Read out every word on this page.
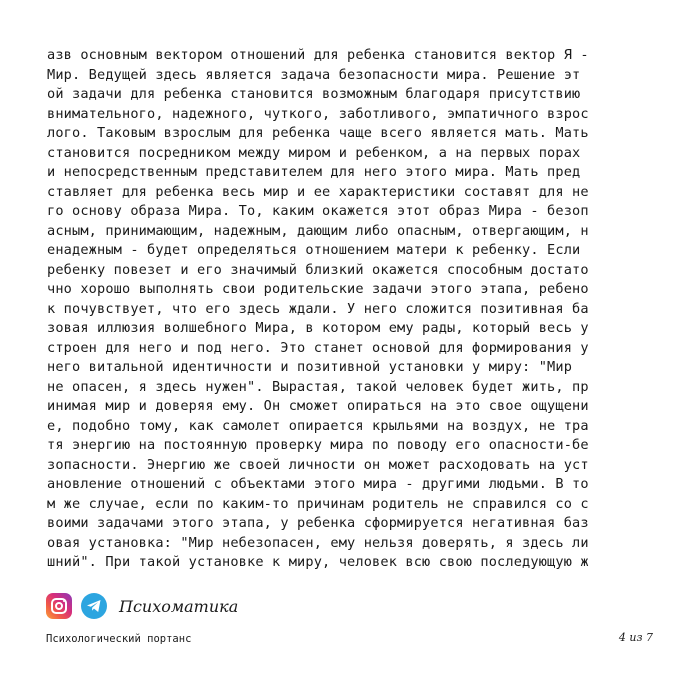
азв основным вектором отношений для ребенка становится вектор Я -
Мир. Ведущей здесь является задача безопасности мира. Решение эт
ой задачи для ребенка становится возможным благодаря присутствию
внимательного, надежного, чуткого, заботливого, эмпатичного взрос
лого. Таковым взрослым для ребенка чаще всего является мать. Мать
становится посредником между миром и ребенком, а на первых порах
и непосредственным представителем для него этого мира. Мать пред
ставляет для ребенка весь мир и ее характеристики составят для не
го основу образа Мира. То, каким окажется этот образ Мира - безоп
асным, принимающим, надежным, дающим либо опасным, отвергающим, н
енадежным - будет определяться отношением матери к ребенку. Если
ребенку повезет и его значимый близкий окажется способным достато
чно хорошо выполнять свои родительские задачи этого этапа, ребено
к почувствует, что его здесь ждали. У него сложится позитивная ба
зовая иллюзия волшебного Мира, в котором ему рады, который весь у
строен для него и под него. Это станет основой для формирования у
него витальной идентичности и позитивной установки у миру: "Мир
не опасен, я здесь нужен". Вырастая, такой человек будет жить, пр
инимая мир и доверяя ему. Он сможет опираться на это свое ощущени
е, подобно тому, как самолет опирается крыльями на воздух, не тра
тя энергию на постоянную проверку мира по поводу его опасности-бе
зопасности. Энергию же своей личности он может расходовать на уст
ановление отношений с объектами этого мира - другими людьми. В то
м же случае, если по каким-то причинам родитель не справился со с
воими задачами этого этапа, у ребенка сформируется негативная баз
овая установка: "Мир небезопасен, ему нельзя доверять, я здесь ли
шний". При такой установке к миру, человек всю свою последующую ж
Психоматика
Психологический портанс	4 из 7
